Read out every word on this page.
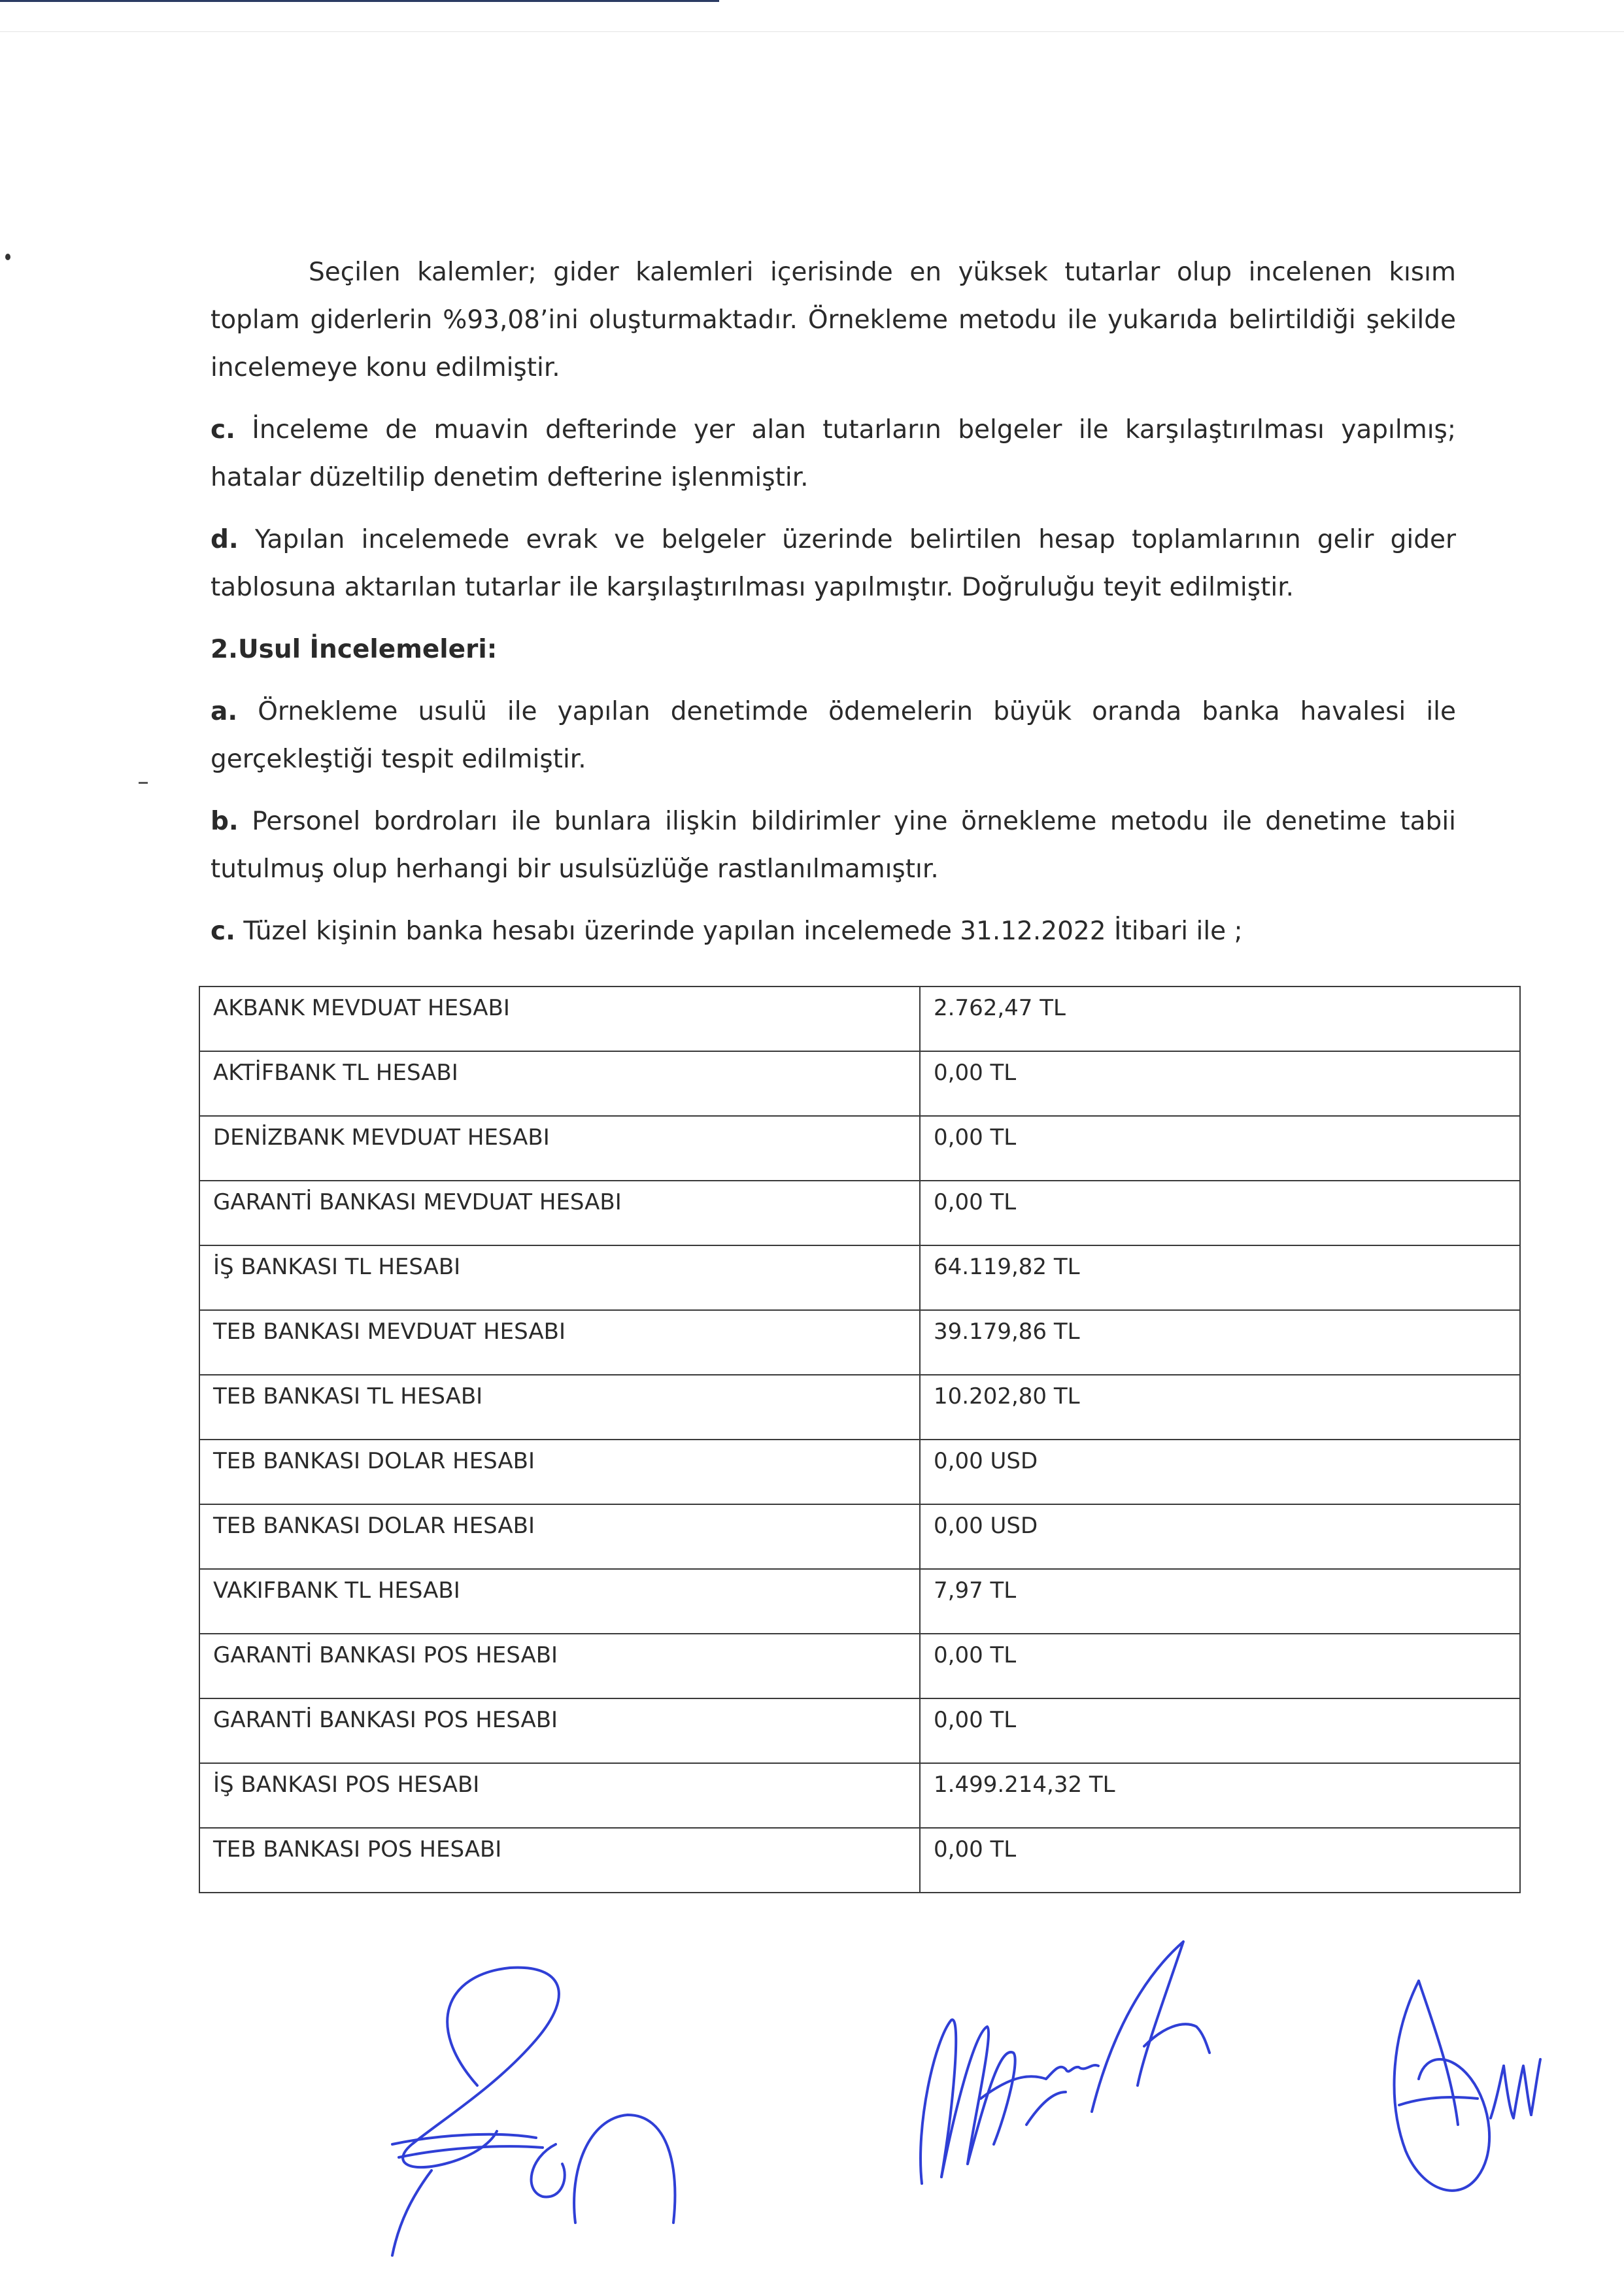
Seçilen kalemler; gider kalemleri içerisinde en yüksek tutarlar olup incelenen kısım toplam giderlerin %93,08’ini oluşturmaktadır. Örnekleme metodu ile yukarıda belirtildiği şekilde incelemeye konu edilmiştir.

c. İnceleme de muavin defterinde yer alan tutarların belgeler ile karşılaştırılması yapılmış; hatalar düzeltilip denetim defterine işlenmiştir.

d. Yapılan incelemede evrak ve belgeler üzerinde belirtilen hesap toplamlarının gelir gider tablosuna aktarılan tutarlar ile karşılaştırılması yapılmıştır. Doğruluğu teyit edilmiştir.

2.Usul İncelemeleri:

a. Örnekleme usulü ile yapılan denetimde ödemelerin büyük oranda banka havalesi ile gerçekleştiği tespit edilmiştir.

b. Personel bordroları ile bunlara ilişkin bildirimler yine örnekleme metodu ile denetime tabii tutulmuş olup herhangi bir usulsüzlüğe rastlanılmamıştır.

c. Tüzel kişinin banka hesabı üzerinde yapılan incelemede 31.12.2022 İtibari ile ;

AKBANK MEVDUAT HESABI	2.762,47 TL
AKTİFBANK TL HESABI	0,00 TL
DENİZBANK MEVDUAT HESABI	0,00 TL
GARANTİ BANKASI MEVDUAT HESABI	0,00 TL
İŞ BANKASI TL HESABI	64.119,82 TL
TEB BANKASI MEVDUAT HESABI	39.179,86 TL
TEB BANKASI TL HESABI	10.202,80 TL
TEB BANKASI DOLAR HESABI	0,00 USD
TEB BANKASI DOLAR HESABI	0,00 USD
VAKIFBANK TL HESABI	7,97 TL
GARANTİ BANKASI POS HESABI	0,00 TL
GARANTİ BANKASI POS HESABI	0,00 TL
İŞ BANKASI POS HESABI	1.499.214,32 TL
TEB BANKASI POS HESABI	0,00 TL
